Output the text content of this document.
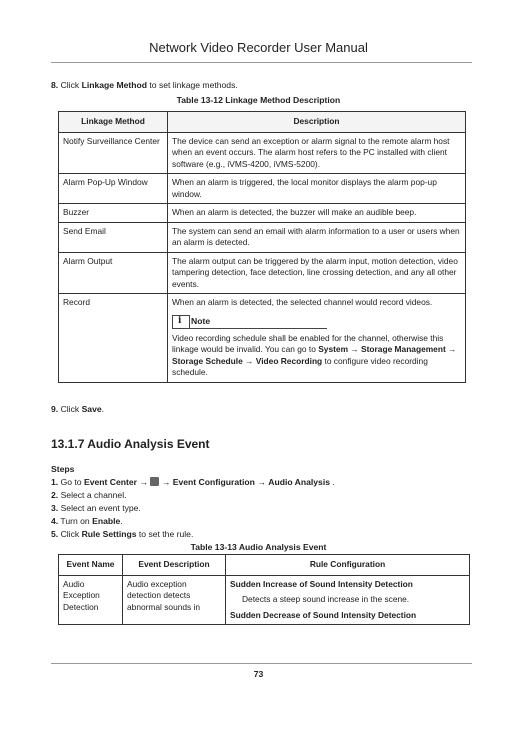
Network Video Recorder User Manual
8. Click Linkage Method to set linkage methods.
Table 13-12 Linkage Method Description
Linkage Method	Description
Notify Surveillance Center	The device can send an exception or alarm signal to the remote alarm host when an event occurs. The alarm host refers to the PC installed with client software (e.g., iVMS-4200, iVMS-5200).
Alarm Pop-Up Window	When an alarm is triggered, the local monitor displays the alarm pop-up window.
Buzzer	When an alarm is detected, the buzzer will make an audible beep.
Send Email	The system can send an email with alarm information to a user or users when an alarm is detected.
Alarm Output	The alarm output can be triggered by the alarm input, motion detection, video tampering detection, face detection, line crossing detection, and any all other events.
Record	When an alarm is detected, the selected channel would record videos.
i Note
Video recording schedule shall be enabled for the channel, otherwise this linkage would be invalid. You can go to System → Storage Management → Storage Schedule → Video Recording to configure video recording schedule.
9. Click Save.
13.1.7 Audio Analysis Event
Steps
1. Go to Event Center → → Event Configuration → Audio Analysis .
2. Select a channel.
3. Select an event type.
4. Turn on Enable.
5. Click Rule Settings to set the rule.
Table 13-13 Audio Analysis Event
Event Name	Event Description	Rule Configuration
Audio Exception Detection	Audio exception detection detects abnormal sounds in	Sudden Increase of Sound Intensity Detection
Detects a steep sound increase in the scene.
Sudden Decrease of Sound Intensity Detection
73
